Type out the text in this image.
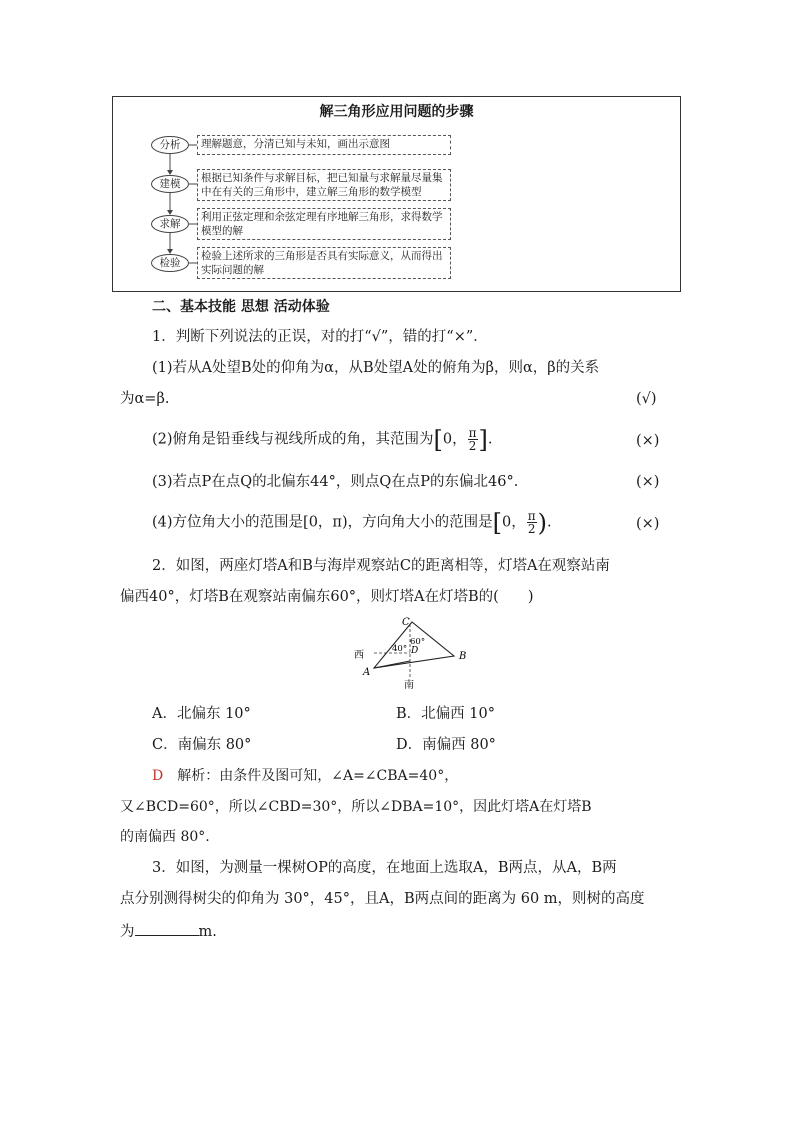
解三角形应用问题的步骤
分析	理解题意，分清已知与未知，画出示意图
建模	根据已知条件与求解目标，把已知量与求解量尽量集中在有关的三角形中，建立解三角形的数学模型
求解
利用正弦定理和余弦定理有序地解三角形，求得数学模型的解
检验
检验上述所求的三角形是否具有实际意义，从而得出实际问题的解
二、基本技能 思想 活动体验
1．判断下列说法的正误，对的打“√”，错的打“×”．
(1)若从A处望B处的仰角为α，从B处望A处的俯角为β，则α，β的关系
为α=β.	(√)
(2)俯角是铅垂线与视线所成的角，其范围为[0， $\frac{\pi}{2}$ ].	(×)
(3)若点P在点Q的北偏东44°，则点Q在点P的东偏北46°.	(×)
(4)方位角大小的范围是[0，π)，方向角大小的范围是[0， $\frac{\pi}{2}$ ).	(×)
2．如图，两座灯塔A和B与海岸观察站C的距离相等，灯塔A在观察站南
偏西40°，灯塔B在观察站南偏东60°，则灯塔A在灯塔B的(　　)
C
D
A
B
西
南
40°
60°
A．北偏东 10°	B．北偏西 10°
C．南偏东 80°	D．南偏西 80°
D　 解析：由条件及图可知，∠A=∠CBA=40°，
又∠BCD=60°，所以∠CBD=30°，所以∠DBA=10°，因此灯塔A在灯塔B
的南偏西 80°.
3．如图，为测量一棵树OP的高度，在地面上选取A，B两点，从A，B两
点分别测得树尖的仰角为 30°，45°，且A，B两点间的距离为 60 m，则树的高度
为	m.
